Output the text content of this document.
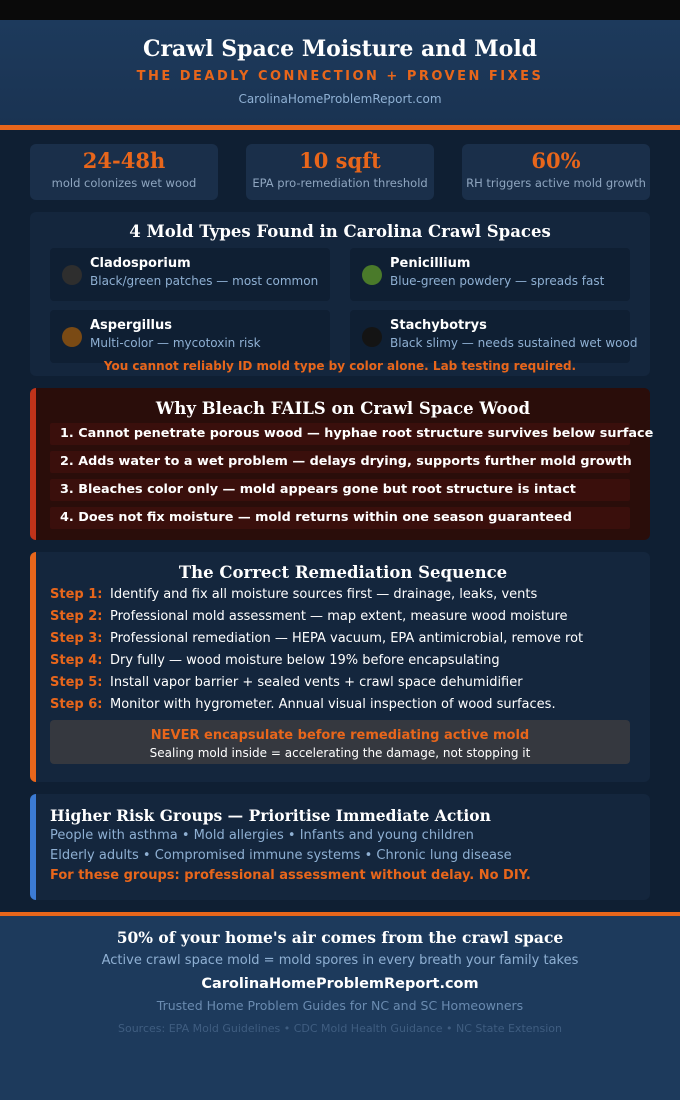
Crawl Space Moisture and Mold
THE DEADLY CONNECTION + PROVEN FIXES
CarolinaHomeProblemReport.com
24-48h
mold colonizes wet wood
10 sqft
EPA pro-remediation threshold
60%
RH triggers active mold growth
4 Mold Types Found in Carolina Crawl Spaces
Cladosporium
Black/green patches — most common
Penicillium
Blue-green powdery — spreads fast
Aspergillus
Multi-color — mycotoxin risk
Stachybotrys
Black slimy — needs sustained wet wood
You cannot reliably ID mold type by color alone. Lab testing required.
Why Bleach FAILS on Crawl Space Wood
1. Cannot penetrate porous wood — hyphae root structure survives below surface
2. Adds water to a wet problem — delays drying, supports further mold growth
3. Bleaches color only — mold appears gone but root structure is intact
4. Does not fix moisture — mold returns within one season guaranteed
The Correct Remediation Sequence
Step 1: Identify and fix all moisture sources first — drainage, leaks, vents
Step 2: Professional mold assessment — map extent, measure wood moisture
Step 3: Professional remediation — HEPA vacuum, EPA antimicrobial, remove rot
Step 4: Dry fully — wood moisture below 19% before encapsulating
Step 5: Install vapor barrier + sealed vents + crawl space dehumidifier
Step 6: Monitor with hygrometer. Annual visual inspection of wood surfaces.
NEVER encapsulate before remediating active mold
Sealing mold inside = accelerating the damage, not stopping it
Higher Risk Groups — Prioritise Immediate Action
People with asthma • Mold allergies • Infants and young children
Elderly adults • Compromised immune systems • Chronic lung disease
For these groups: professional assessment without delay. No DIY.
50% of your home's air comes from the crawl space
Active crawl space mold = mold spores in every breath your family takes
CarolinaHomeProblemReport.com
Trusted Home Problem Guides for NC and SC Homeowners
Sources: EPA Mold Guidelines • CDC Mold Health Guidance • NC State Extension
